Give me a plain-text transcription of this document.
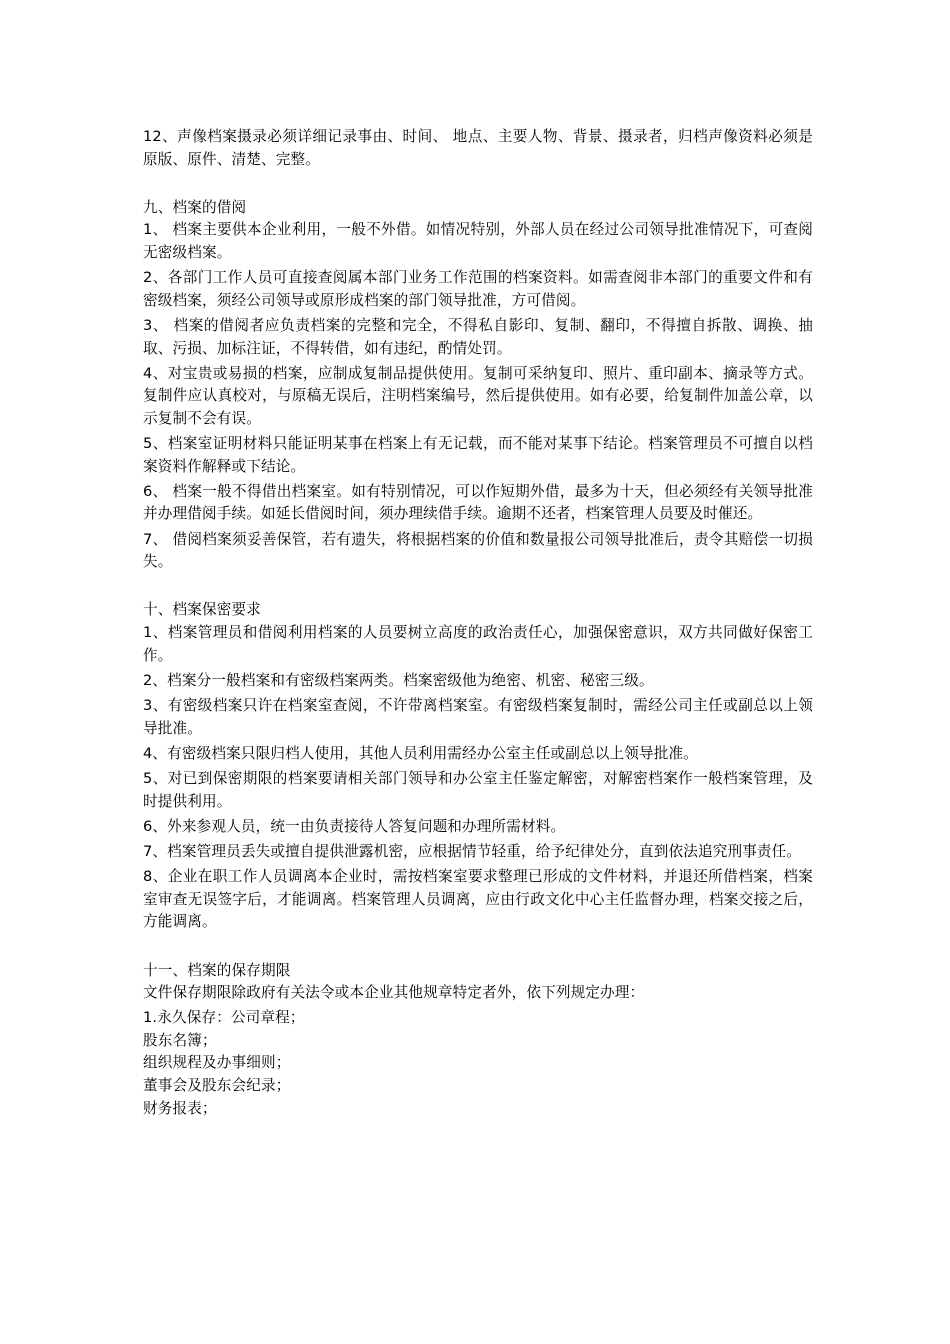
12、声像档案摄录必须详细记录事由、时间、 地点、主要人物、背景、摄录者，归档声像资料必须是原版、原件、清楚、完整。

九、档案的借阅

1、 档案主要供本企业利用，一般不外借。如情况特别，外部人员在经过公司领导批准情况下，可查阅无密级档案。

2、各部门工作人员可直接查阅属本部门业务工作范围的档案资料。如需查阅非本部门的重要文件和有密级档案，须经公司领导或原形成档案的部门领导批准，方可借阅。

3、 档案的借阅者应负责档案的完整和完全，不得私自影印、复制、翻印，不得擅自拆散、调换、抽取、污损、加标注证，不得转借，如有违纪，酌情处罚。

4、对宝贵或易损的档案，应制成复制品提供使用。复制可采纳复印、照片、重印副本、摘录等方式。复制件应认真校对，与原稿无误后，注明档案编号，然后提供使用。如有必要，给复制件加盖公章，以示复制不会有误。

5、档案室证明材料只能证明某事在档案上有无记载，而不能对某事下结论。档案管理员不可擅自以档案资料作解释或下结论。

6、 档案一般不得借出档案室。如有特别情况，可以作短期外借，最多为十天，但必须经有关领导批准并办理借阅手续。如延长借阅时间，须办理续借手续。逾期不还者，档案管理人员要及时催还。

7、 借阅档案须妥善保管，若有遗失，将根据档案的价值和数量报公司领导批准后，责令其赔偿一切损失。

十、档案保密要求

1、档案管理员和借阅利用档案的人员要树立高度的政治责任心，加强保密意识，双方共同做好保密工作。

2、档案分一般档案和有密级档案两类。档案密级他为绝密、机密、秘密三级。

3、有密级档案只许在档案室查阅，不许带离档案室。有密级档案复制时，需经公司主任或副总以上领导批准。

4、有密级档案只限归档人使用，其他人员利用需经办公室主任或副总以上领导批准。

5、对已到保密期限的档案要请相关部门领导和办公室主任鉴定解密，对解密档案作一般档案管理，及时提供利用。

6、外来参观人员，统一由负责接待人答复问题和办理所需材料。

7、档案管理员丢失或擅自提供泄露机密，应根据情节轻重，给予纪律处分，直到依法追究刑事责任。

8、企业在职工作人员调离本企业时，需按档案室要求整理已形成的文件材料，并退还所借档案，档案室审查无误签字后，才能调离。档案管理人员调离，应由行政文化中心主任监督办理，档案交接之后，方能调离。

十一、档案的保存期限

文件保存期限除政府有关法令或本企业其他规章特定者外，依下列规定办理：

1.永久保存：公司章程；

股东名簿；

组织规程及办事细则；

董事会及股东会纪录；

财务报表；
